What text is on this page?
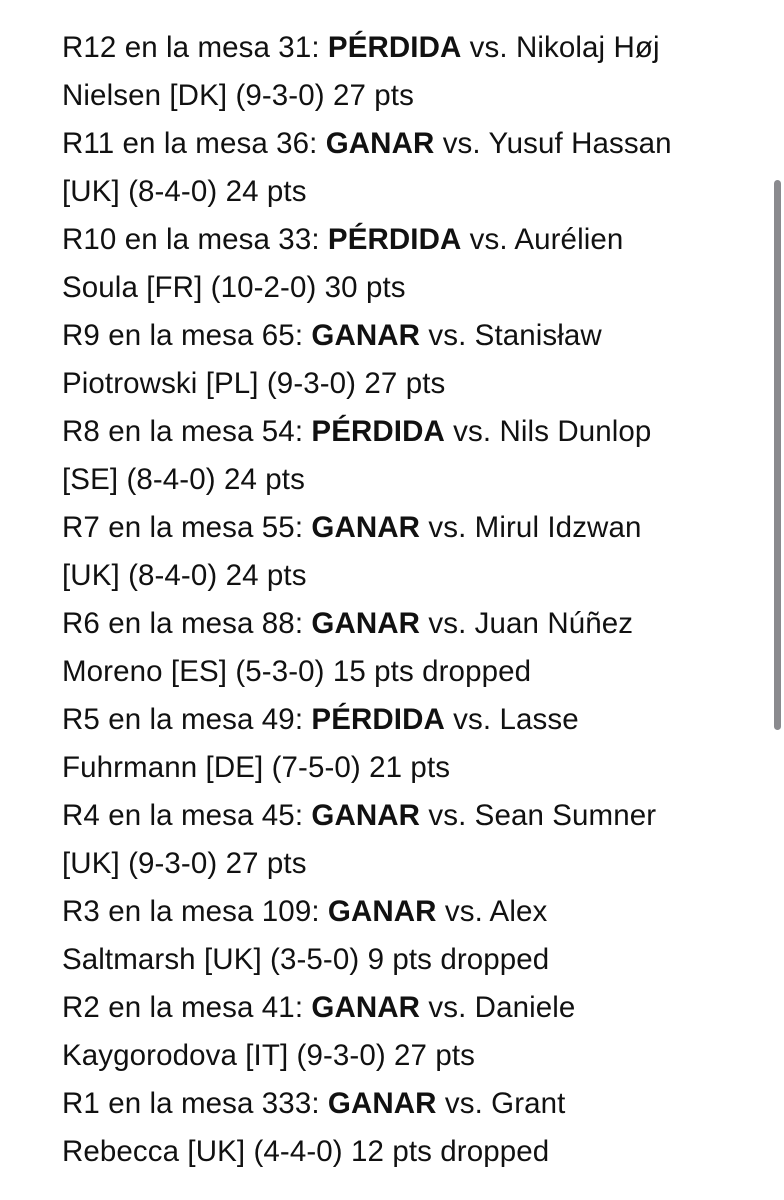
R12 en la mesa 31: PÉRDIDA vs. Nikolaj Høj
Nielsen [DK] (9-3-0) 27 pts
R11 en la mesa 36: GANAR vs. Yusuf Hassan
[UK] (8-4-0) 24 pts
R10 en la mesa 33: PÉRDIDA vs. Aurélien
Soula [FR] (10-2-0) 30 pts
R9 en la mesa 65: GANAR vs. Stanisław
Piotrowski [PL] (9-3-0) 27 pts
R8 en la mesa 54: PÉRDIDA vs. Nils Dunlop
[SE] (8-4-0) 24 pts
R7 en la mesa 55: GANAR vs. Mirul Idzwan
[UK] (8-4-0) 24 pts
R6 en la mesa 88: GANAR vs. Juan Núñez
Moreno [ES] (5-3-0) 15 pts dropped
R5 en la mesa 49: PÉRDIDA vs. Lasse
Fuhrmann [DE] (7-5-0) 21 pts
R4 en la mesa 45: GANAR vs. Sean Sumner
[UK] (9-3-0) 27 pts
R3 en la mesa 109: GANAR vs. Alex
Saltmarsh [UK] (3-5-0) 9 pts dropped
R2 en la mesa 41: GANAR vs. Daniele
Kaygorodova [IT] (9-3-0) 27 pts
R1 en la mesa 333: GANAR vs. Grant
Rebecca [UK] (4-4-0) 12 pts dropped
